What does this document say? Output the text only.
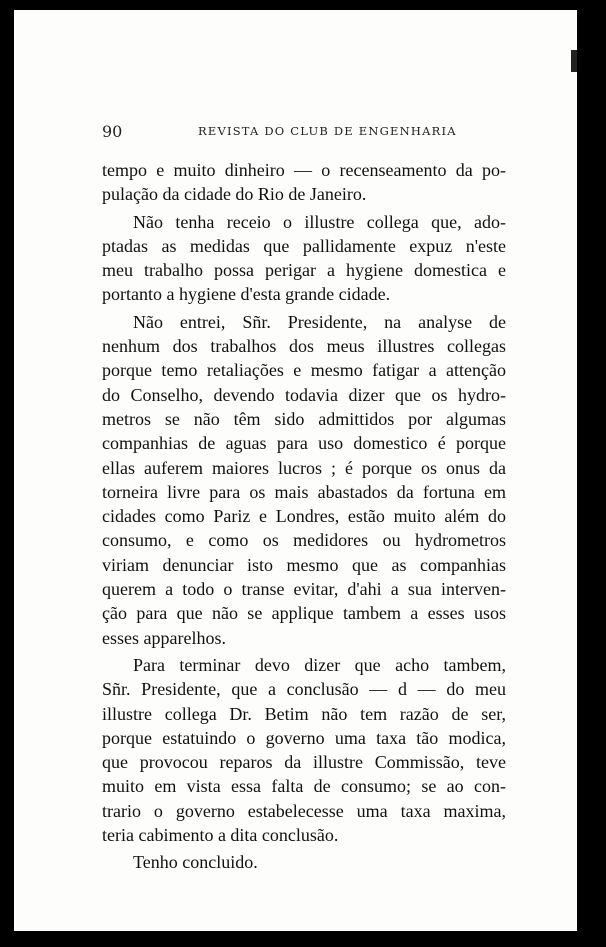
90	REVISTA DO CLUB DE ENGENHARIA
tempo e muito dinheiro — o recenseamento da po-
pulação da cidade do Rio de Janeiro.
Não tenha receio o illustre collega que, ado-
ptadas as medidas que pallidamente expuz n'este
meu trabalho possa perigar a hygiene domestica e
portanto a hygiene d'esta grande cidade.
Não entrei, Sñr. Presidente, na analyse de
nenhum dos trabalhos dos meus illustres collegas
porque temo retaliações e mesmo fatigar a attenção
do Conselho, devendo todavia dizer que os hydro-
metros se não têm sido admittidos por algumas
companhias de aguas para uso domestico é porque
ellas auferem maiores lucros ; é porque os onus da
torneira livre para os mais abastados da fortuna em
cidades como Pariz e Londres, estão muito além do
consumo, e como os medidores ou hydrometros
viriam denunciar isto mesmo que as companhias
querem a todo o transe evitar, d'ahi a sua interven-
ção para que não se applique tambem a esses usos
esses apparelhos.
Para terminar devo dizer que acho tambem,
Sñr. Presidente, que a conclusão — d — do meu
illustre collega Dr. Betim não tem razão de ser,
porque estatuindo o governo uma taxa tão modica,
que provocou reparos da illustre Commissão, teve
muito em vista essa falta de consumo; se ao con-
trario o governo estabelecesse uma taxa maxima,
teria cabimento a dita conclusão.
Tenho concluido.
